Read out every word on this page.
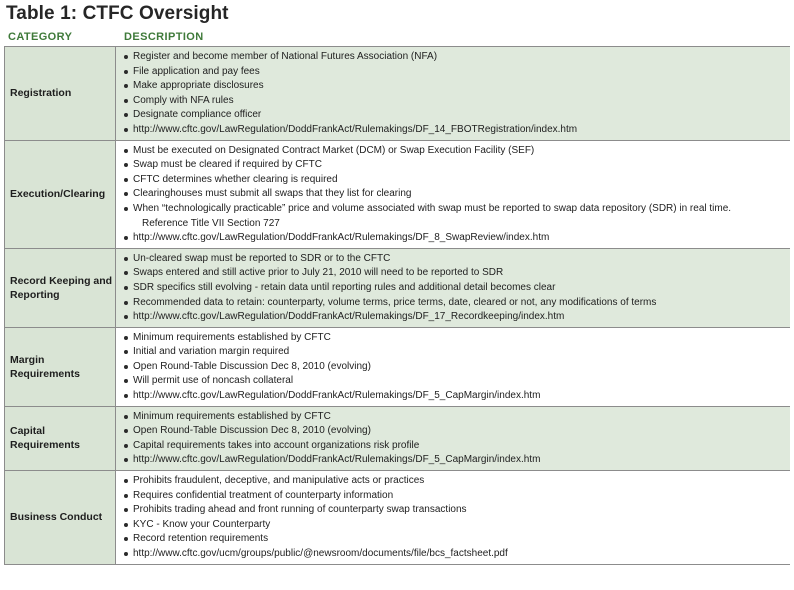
Table 1: CTFC Oversight
CATEGORY	DESCRIPTION
Registration
Register and become member of National Futures Association (NFA)
File application and pay fees
Make appropriate disclosures
Comply with NFA rules
Designate compliance officer
http://www.cftc.gov/LawRegulation/DoddFrankAct/Rulemakings/DF_14_FBOTRegistration/index.htm
Execution/Clearing
Must be executed on Designated Contract Market (DCM) or Swap Execution Facility (SEF)
Swap must be cleared if required by CFTC
CFTC determines whether clearing is required
Clearinghouses must submit all swaps that they list for clearing
When “technologically practicable” price and volume associated with swap must be reported to swap data repository (SDR) in real time.
Reference Title VII Section 727
http://www.cftc.gov/LawRegulation/DoddFrankAct/Rulemakings/DF_8_SwapReview/index.htm
Record Keeping and Reporting
Un-cleared swap must be reported to SDR or to the CFTC
Swaps entered and still active prior to July 21, 2010 will need to be reported to SDR
SDR specifics still evolving - retain data until reporting rules and additional detail becomes clear
Recommended data to retain: counterparty, volume terms, price terms, date, cleared or not, any modifications of terms
http://www.cftc.gov/LawRegulation/DoddFrankAct/Rulemakings/DF_17_Recordkeeping/index.htm
Margin Requirements
Minimum requirements established by CFTC
Initial and variation margin required
Open Round-Table Discussion Dec 8, 2010 (evolving)
Will permit use of noncash collateral
http://www.cftc.gov/LawRegulation/DoddFrankAct/Rulemakings/DF_5_CapMargin/index.htm
Capital Requirements
Minimum requirements established by CFTC
Open Round-Table Discussion Dec 8, 2010 (evolving)
Capital requirements takes into account organizations risk profile
http://www.cftc.gov/LawRegulation/DoddFrankAct/Rulemakings/DF_5_CapMargin/index.htm
Business Conduct
Prohibits fraudulent, deceptive, and manipulative acts or practices
Requires confidential treatment of counterparty information
Prohibits trading ahead and front running of counterparty swap transactions
KYC - Know your Counterparty
Record retention requirements
http://www.cftc.gov/ucm/groups/public/@newsroom/documents/file/bcs_factsheet.pdf
